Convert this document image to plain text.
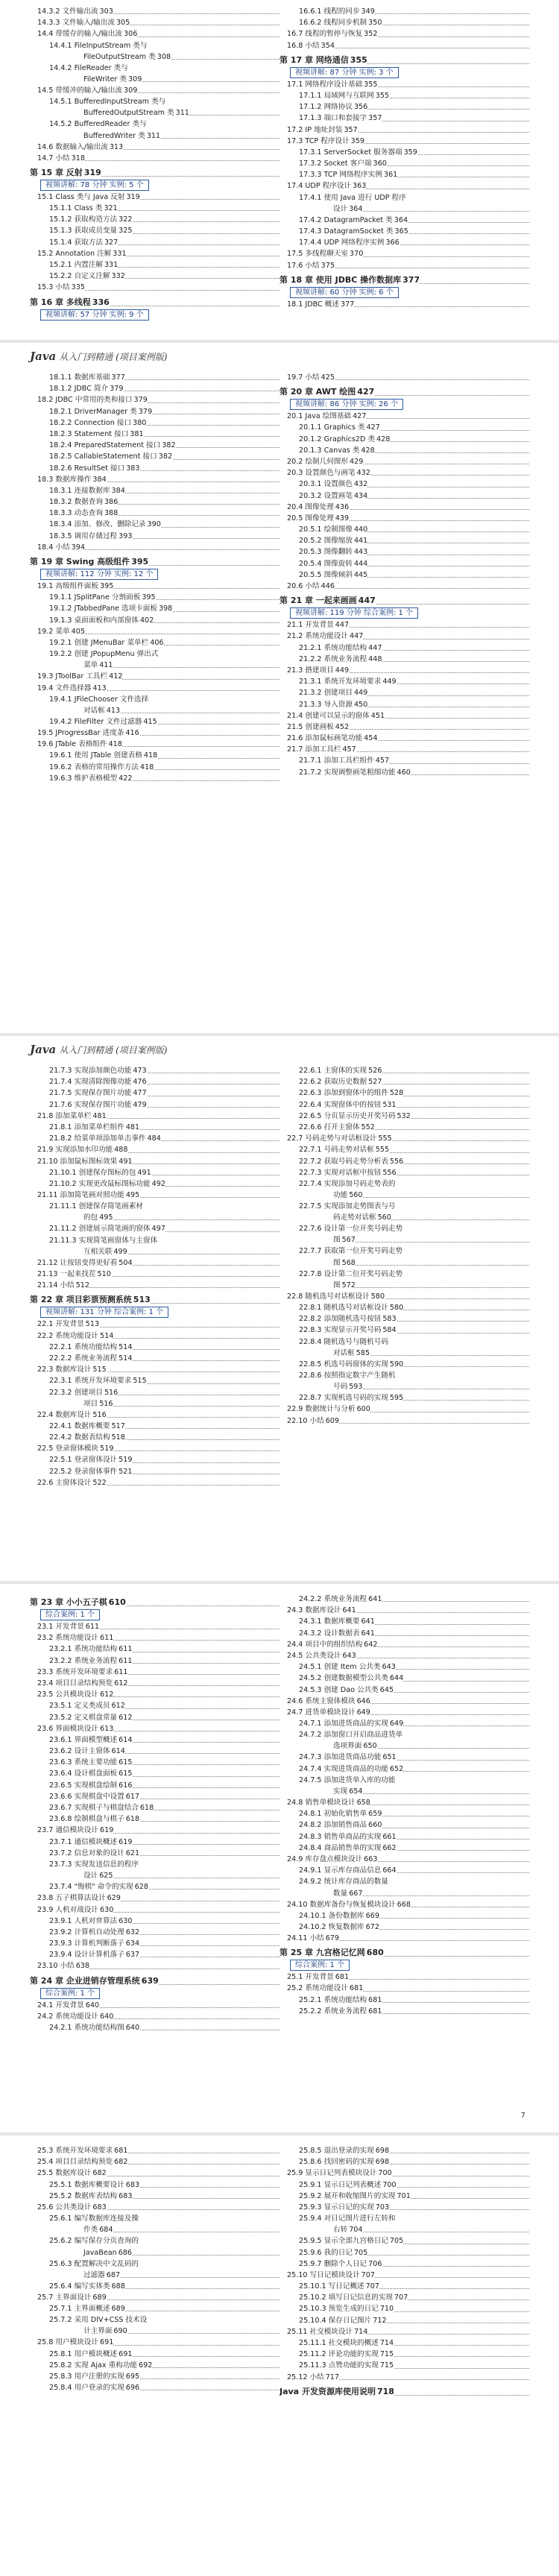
14.3.2 文件输出流 303
14.3.3 文件输入/输出流 305
14.4 带缓存的输入/输出流 306
14.4.1 FileInputStream 类与
FileOutputStream 类 308
14.4.2 FileReader 类与
FileWriter 类 309
14.5 带缓冲的输入/输出流 309
14.5.1 BufferedInputStream 类与
BufferedOutputStream 类 311
14.5.2 BufferedReader 类与
BufferedWriter 类 311
14.6 数据输入/输出流 313
14.7 小结 318
第 15 章 反射 319
视频讲解: 78 分钟 实例: 5 个
15.1 Class 类与 Java 反射 319
15.1.1 Class 类 321
15.1.2 获取构造方法 322
15.1.3 获取成员变量 325
15.1.4 获取方法 327
15.2 Annotation 注解 331
15.2.1 内置注解 331
15.2.2 自定义注解 332
15.3 小结 335
第 16 章 多线程 336
视频讲解: 57 分钟 实例: 9 个
16.6.1 线程的同步 349
16.6.2 线程同步机制 350
16.7 线程的暂停与恢复 352
16.8 小结 354
第 17 章 网络通信 355
视频讲解: 87 分钟 实例: 3 个
17.1 网络程序设计基础 355
17.1.1 局域网与互联网 355
17.1.2 网络协议 356
17.1.3 端口和套接字 357
17.2 IP 地址封装 357
17.3 TCP 程序设计 359
17.3.1 ServerSocket 服务器端 359
17.3.2 Socket 客户端 360
17.3.3 TCP 网络程序实例 361
17.4 UDP 程序设计 363
17.4.1 使用 Java 进行 UDP 程序
设计 364
17.4.2 DatagramPacket 类 364
17.4.3 DatagramSocket 类 365
17.4.4 UDP 网络程序实例 366
17.5 多线程聊天室 370
17.6 小结 375
第 18 章 使用 JDBC 操作数据库 377
视频讲解: 60 分钟 实例: 6 个
18.1 JDBC 概述 377
Java 从入门到精通 (项目案例版)
18.1.1 数据库基础 377
18.1.2 JDBC 简介 379
18.2 JDBC 中常用的类和接口 379
18.2.1 DriverManager 类 379
18.2.2 Connection 接口 380
18.2.3 Statement 接口 381
18.2.4 PreparedStatement 接口 382
18.2.5 CallableStatement 接口 382
18.2.6 ResultSet 接口 383
18.3 数据库操作 384
18.3.1 连接数据库 384
18.3.2 数据查询 386
18.3.3 动态查询 388
18.3.4 添加、修改、删除记录 390
18.3.5 调用存储过程 393
18.4 小结 394
第 19 章 Swing 高级组件 395
视频讲解: 112 分钟 实例: 12 个
19.1 高级组件面板 395
19.1.1 JSplitPane 分割面板 395
19.1.2 JTabbedPane 选项卡面板 398
19.1.3 桌面面板和内部窗体 402
19.2 菜单 405
19.2.1 创建 JMenuBar 菜单栏 406
19.2.2 创建 JPopupMenu 弹出式
菜单 411
19.3 JToolBar 工具栏 412
19.4 文件选择器 413
19.4.1 JFileChooser 文件选择
对话框 413
19.4.2 FileFilter 文件过滤器 415
19.5 JProgressBar 进度条 416
19.6 JTable 表格组件 418
19.6.1 使用 JTable 创建表格 418
19.6.2 表格的常用操作方法 418
19.6.3 维护表格模型 422
19.7 小结 425
第 20 章 AWT 绘图 427
视频讲解: 86 分钟 实例: 26 个
20.1 Java 绘图基础 427
20.1.1 Graphics 类 427
20.1.2 Graphics2D 类 428
20.1.3 Canvas 类 428
20.2 绘制几何图形 429
20.3 设置颜色与画笔 432
20.3.1 设置颜色 432
20.3.2 设置画笔 434
20.4 图像处理 436
20.5 图像处理 439
20.5.1 绘制图像 440
20.5.2 图像缩放 441
20.5.3 图像翻转 443
20.5.4 图像旋转 444
20.5.5 图像倾斜 445
20.6 小结 446
第 21 章 一起来画画 447
视频讲解: 119 分钟 综合案例: 1 个
21.1 开发背景 447
21.2 系统功能设计 447
21.2.1 系统功能结构 447
21.2.2 系统业务流程 448
21.3 搭建项目 449
21.3.1 系统开发环境要求 449
21.3.2 创建项目 449
21.3.3 导入资源 450
21.4 创建可以显示的窗体 451
21.5 创建画板 452
21.6 添加鼠标画笔功能 454
21.7 添加工具栏 457
21.7.1 添加工具栏组件 457
21.7.2 实现调整画笔粗细功能 460
Java 从入门到精通 (项目案例版)
21.7.3 实现添加颜色功能 473
21.7.4 实现清除图像功能 476
21.7.5 实现保存图片功能 477
21.7.6 实现保存图片功能 479
21.8 添加菜单栏 481
21.8.1 添加菜单栏组件 481
21.8.2 给菜单项添加单击事件 484
21.9 实现添加水印功能 488
21.10 添加鼠标图标效果 491
21.10.1 创建保存图标的包 491
21.10.2 实现更改鼠标图标功能 492
21.11 添加简笔画对照功能 495
21.11.1 创建保存简笔画素材
的包 495
21.11.2 创建展示简笔画的窗体 497
21.11.3 实现简笔画窗体与主窗体
互相关联 499
21.12 让按钮变得更好看 504
21.13 一起来找茬 510
21.14 小结 512
第 22 章 项目彩票预测系统 513
视频讲解: 131 分钟 综合案例: 1 个
22.1 开发背景 513
22.2 系统功能设计 514
22.2.1 系统功能结构 514
22.2.2 系统业务流程 514
22.3 数据库设计 515
22.3.1 系统开发环境要求 515
22.3.2 创建项目 516
项目 516
22.4 数据库设计 516
22.4.1 数据库概要 517
22.4.2 数据表结构 518
22.5 登录窗体模块 519
22.5.1 登录窗体设计 519
22.5.2 登录窗体事件 521
22.6 主窗体设计 522
22.6.1 主窗体的实现 526
22.6.2 获取历史数据 527
22.6.3 添加到窗体中的组件 528
22.6.4 实现窗体中的按钮 531
22.6.5 分页显示历史开奖号码 532
22.6.6 打开主窗体 552
22.7 号码走势与对话框设计 555
22.7.1 号码走势对话框 555
22.7.2 获取号码走势分析表 556
22.7.3 实现对话框中按钮 556
22.7.4 实现添加号码走势表的
功能 560
22.7.5 实现添加走势图表与号
码走势对话框 560
22.7.6 设计第一位开奖号码走势
图 567
22.7.7 获取第一位开奖号码走势
图 568
22.7.8 设计第二位开奖号码走势
图 572
22.8 随机选号对话框设计 580
22.8.1 随机选号对话框设计 580
22.8.2 添加随机选号按钮 583
22.8.3 实现显示开奖号码 584
22.8.4 随机选号与随机号码
对话框 585
22.8.5 机选号码窗体的实现 590
22.8.6 按照指定数字产生随机
号码 593
22.8.7 实现机选号码的实现 595
22.9 数据统计与分析 600
22.10 小结 609
第 23 章 小小五子棋 610
综合案例: 1 个
23.1 开发背景 611
23.2 系统功能设计 611
23.2.1 系统功能结构 611
23.2.2 系统业务流程 611
23.3 系统开发环境要求 611
23.4 项目目录结构预览 612
23.5 公共模块设计 612
23.5.1 定义类成员 612
23.5.2 定义棋盘常量 612
23.6 界面模块设计 613
23.6.1 界面模型概述 614
23.6.2 设计主窗体 614
23.6.3 系统主要功能 615
23.6.4 设计棋盘面板 615
23.6.5 实现棋盘绘制 616
23.6.6 实现棋盘中设置 617
23.6.7 实现棋子与棋盘结合 618
23.6.8 绘制棋盘与棋子 618
23.7 通信模块设计 619
23.7.1 通信模块概述 619
23.7.2 信息对象的设计 621
23.7.3 实现发送信息的程序
设计 625
23.7.4 "悔棋" 命令的实现 628
23.8 五子棋算法设计 629
23.9 人机对战设计 630
23.9.1 人机对弈算法 630
23.9.2 计算机自动处理 632
23.9.3 计算机判断落子 634
23.9.4 设计计算机落子 637
23.10 小结 638
第 24 章 企业进销存管理系统 639
综合案例: 1 个
24.1 开发背景 640
24.2 系统功能设计 640
24.2.1 系统功能结构图 640
24.2.2 系统业务流程 641
24.3 数据库设计 641
24.3.1 数据库概要 641
24.3.2 设计数据表 641
24.4 项目中的组织结构 642
24.5 公共类设计 643
24.5.1 创建 Item 公共类 643
24.5.2 创建数据模型公共类 644
24.5.3 创建 Dao 公共类 645
24.6 系统主窗体模块 646
24.7 进货单模块设计 649
24.7.1 添加进货商品的实现 649
24.7.2 添加窗口开启商品进货单
选项界面 650
24.7.3 添加进货商品功能 651
24.7.4 实现进货商品的功能 652
24.7.5 添加进货单入库的功能
实现 654
24.8 销售单模块设计 658
24.8.1 初始化销售单 659
24.8.2 添加销售商品 660
24.8.3 销售单商品的实现 661
24.8.4 商品销售单的实现 662
24.9 库存盘点模块设计 663
24.9.1 显示库存商品信息 664
24.9.2 统计库存商品的数量
数量 667
24.10 数据库备份与恢复模块设计 668
24.10.1 备份数据库 669
24.10.2 恢复数据库 672
24.11 小结 679
第 25 章 九宫格记忆网 680
综合案例: 1 个
25.1 开发背景 681
25.2 系统功能设计 681
25.2.1 系统功能结构 681
25.2.2 系统业务流程 681
7
25.3 系统开发环境要求 681
25.4 项目目录结构预览 682
25.5 数据库设计 682
25.5.1 数据库概要设计 683
25.5.2 数据库表结构 683
25.6 公共类设计 683
25.6.1 编写数据库连接及操
作类 684
25.6.2 编写保存分页查询的
JavaBean 686
25.6.3 配置解决中文乱码的
过滤器 687
25.6.4 编写实体类 688
25.7 主界面设计 689
25.7.1 主界面概述 689
25.7.2 采用 DIV+CSS 技术设
计主界面 690
25.8 用户模块设计 691
25.8.1 用户模块概述 691
25.8.2 实现 Ajax 重构功能 692
25.8.3 用户注册的实现 695
25.8.4 用户登录的实现 696
25.8.5 退出登录的实现 698
25.8.6 找回密码的实现 698
25.9 显示日记列表模块设计 700
25.9.1 显示日记列表概述 700
25.9.2 展开和收缩图片的实现 701
25.9.3 显示日记的实现 703
25.9.4 对日记图片进行左转和
右转 704
25.9.5 显示全部九宫格日记 705
25.9.6 我的日记 705
25.9.7 删除个人日记 706
25.10 写日记模块设计 707
25.10.1 写日记概述 707
25.10.2 填写日记信息的实现 707
25.10.3 预览生成的日记 710
25.10.4 保存日记图片 712
25.11 社交模块设计 714
25.11.1 社交模块的概述 714
25.11.2 评论功能的实现 715
25.11.3 点赞功能的实现 715
25.12 小结 717
Java 开发资源库使用说明 718
